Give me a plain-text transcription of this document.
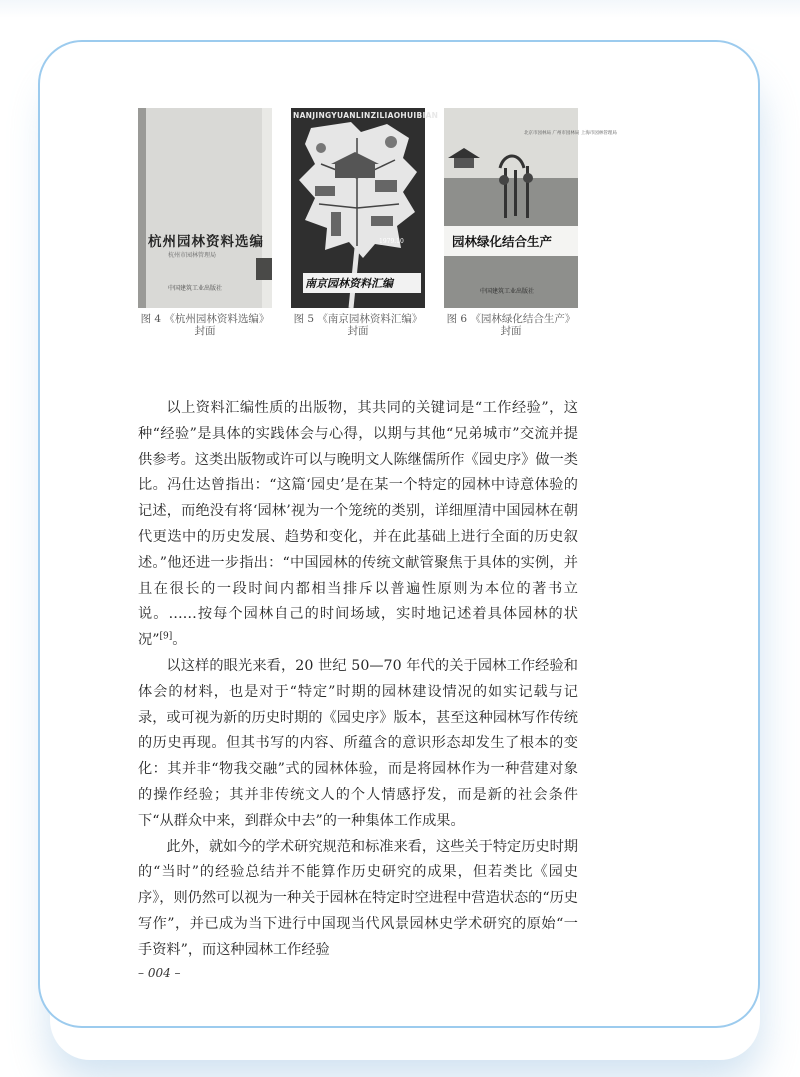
杭州园林资料选编
杭州市园林管理局
中国建筑工业出版社
图 4 《杭州园林资料选编》
封面
NANJINGYUANLINZILIAOHUIBIAN
1979.10
南京园林资料汇编
图 5 《南京园林资料汇编》
封面
北京市园林局 广州市园林局 上海市园林管理局
园林绿化结合生产
中国建筑工业出版社
图 6 《园林绿化结合生产》
封面

以上资料汇编性质的出版物，其共同的关键词是“工作经验”，这种“经验”是具体的实践体会与心得，以期与其他“兄弟城市”交流并提供参考。这类出版物或许可以与晚明文人陈继儒所作《园史序》做一类比。冯仕达曾指出：“这篇‘园史’是在某一个特定的园林中诗意体验的记述，而绝没有将‘园林’视为一个笼统的类别，详细厘清中国园林在朝代更迭中的历史发展、趋势和变化，并在此基础上进行全面的历史叙述。”他还进一步指出：“中国园林的传统文献管聚焦于具体的实例，并且在很长的一段时间内都相当排斥以普遍性原则为本位的著书立说。……按每个园林自己的时间场域，实时地记述着具体园林的状况”[9]。

以这样的眼光来看，20 世纪 50—70 年代的关于园林工作经验和体会的材料，也是对于“特定”时期的园林建设情况的如实记载与记录，或可视为新的历史时期的《园史序》版本，甚至这种园林写作传统的历史再现。但其书写的内容、所蕴含的意识形态却发生了根本的变化：其并非“物我交融”式的园林体验，而是将园林作为一种营建对象的操作经验；其并非传统文人的个人情感抒发，而是新的社会条件下“从群众中来，到群众中去”的一种集体工作成果。

此外，就如今的学术研究规范和标准来看，这些关于特定历史时期的“当时”的经验总结并不能算作历史研究的成果，但若类比《园史序》，则仍然可以视为一种关于园林在特定时空进程中营造状态的“历史写作”，并已成为当下进行中国现当代风景园林史学术研究的原始“一手资料”，而这种园林工作经验

– 004 –
